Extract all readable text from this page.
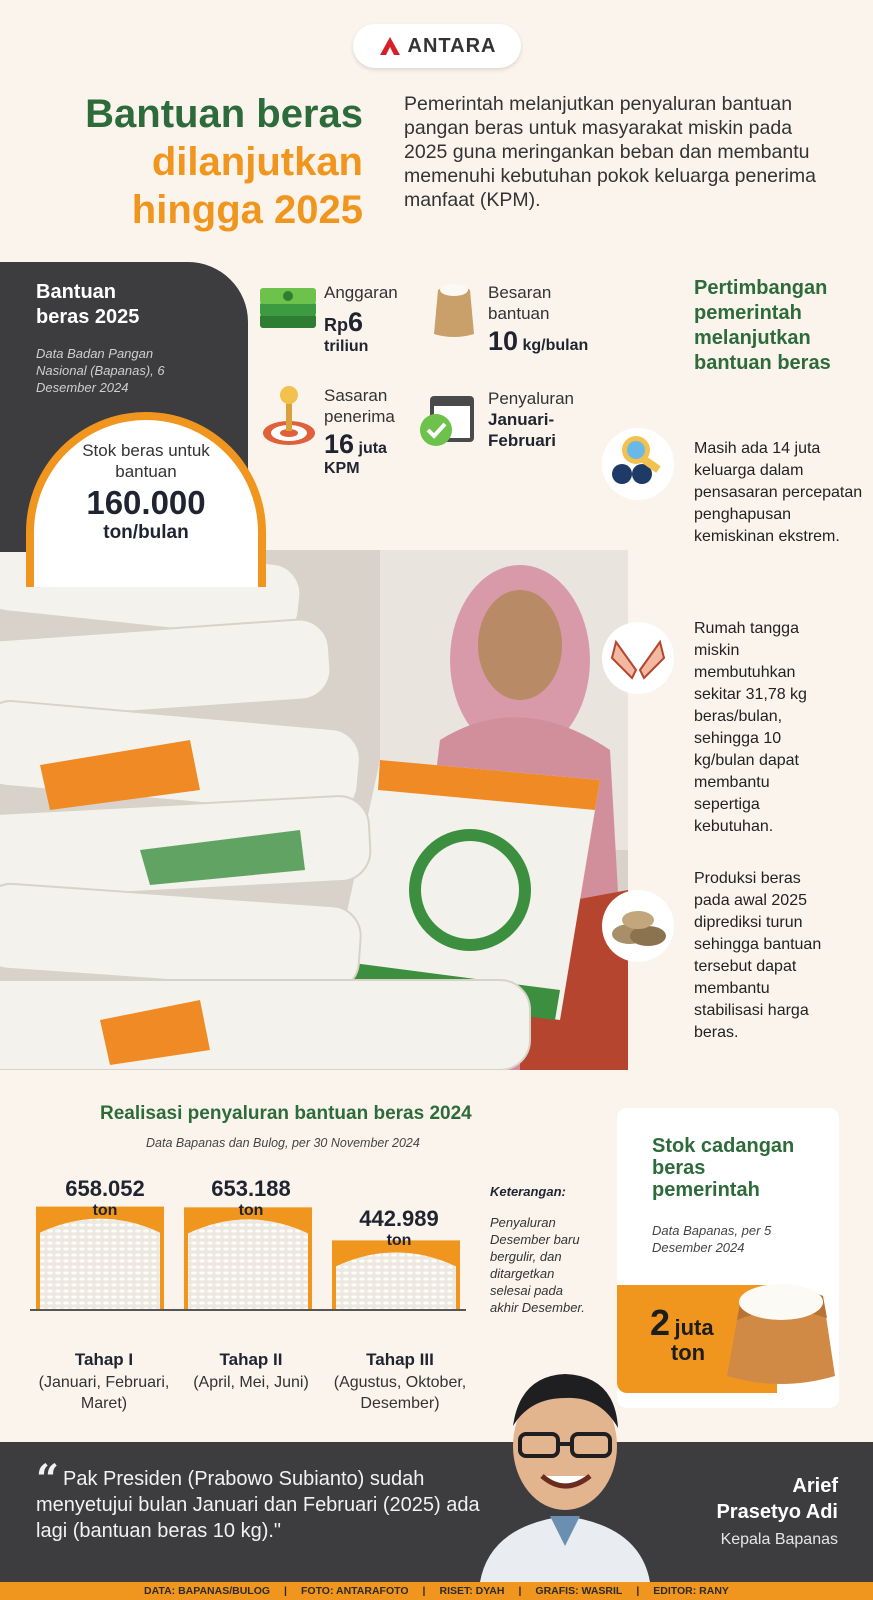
ANTARA
Bantuan beras
dilanjutkan
hingga 2025
Pemerintah melanjutkan penyaluran bantuan pangan beras untuk masyarakat miskin pada 2025 guna meringankan beban dan membantu memenuhi kebutuhan pokok keluarga penerima manfaat (KPM).
Bantuan beras 2025
Data Badan Pangan Nasional (Bapanas), 6 Desember 2024
Stok beras untuk bantuan
160.000
ton/bulan
Anggaran
Rp6
triliun
Besaran bantuan
10 kg/bulan
Sasaran penerima
16 juta
KPM
Penyaluran
Januari-Februari
Pertimbangan pemerintah melanjutkan bantuan beras
Masih ada 14 juta keluarga dalam pensasaran percepatan penghapusan kemiskinan ekstrem.
Rumah tangga miskin membutuhkan sekitar 31,78 kg beras/bulan, sehingga 10 kg/bulan dapat membantu sepertiga kebutuhan.
Produksi beras pada awal 2025 diprediksi turun sehingga bantuan tersebut dapat membantu stabilisasi harga beras.
Realisasi penyaluran bantuan beras 2024
Data Bapanas dan Bulog, per 30 November 2024
658.052
ton
653.188
ton	442.989
ton
Tahap I
(Januari, Februari, Maret)
Tahap II
(April, Mei, Juni)
Tahap III
(Agustus, Oktober, Desember)
Keterangan:
Penyaluran Desember baru bergulir, dan ditargetkan selesai pada akhir Desember.
Stok cadangan beras pemerintah
Data Bapanas, per 5 Desember 2024
2 juta
ton
“ Pak Presiden (Prabowo Subianto) sudah menyetujui bulan Januari dan Februari (2025) ada lagi (bantuan beras 10 kg)."
Arief Prasetyo Adi
Kepala Bapanas
DATA: BAPANAS/BULOG | FOTO: ANTARAFOTO | RISET: DYAH | GRAFIS: WASRIL | EDITOR: RANY
